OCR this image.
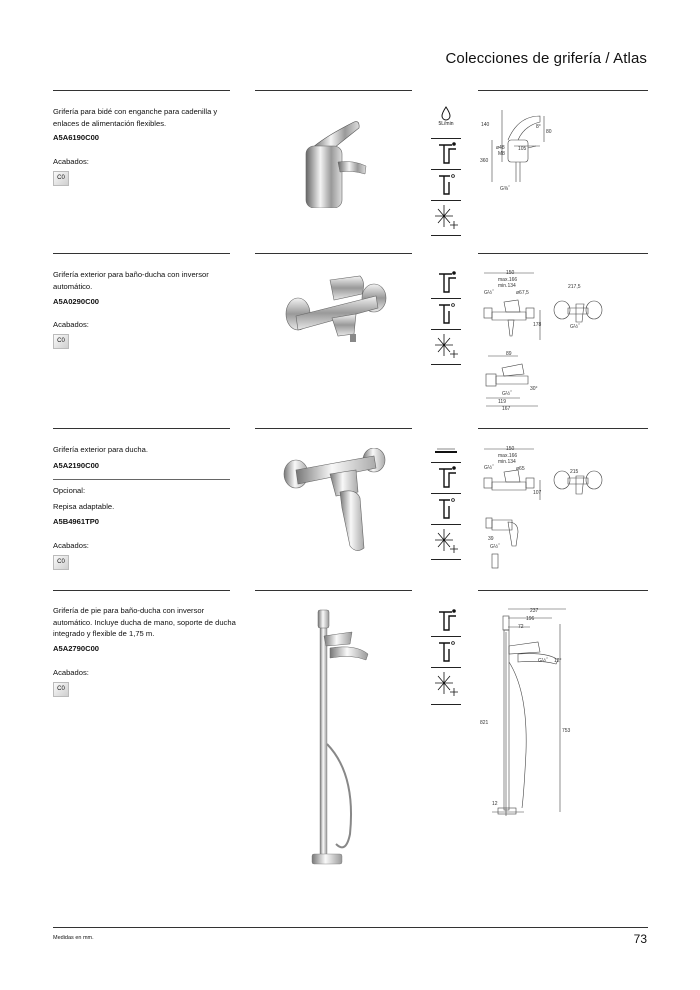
Colecciones de grifería / Atlas
Grifería para bidé con enganche para cadenilla y enlaces de alimentación flexibles.
A5A6190C00
Acabados:
C0
5L/min	140	8°
80
ø48	105
M8
360
G⅜˝
Grifería exterior para baño-ducha con inversor automático.
A5A0290C00
Acabados:
C0
150
max.166
min.134
G½˝	ø67,5
178
217,5
G½˝
89
G½˝
30°
119
167
Grifería exterior para ducha.
A5A2190C00
Opcional:
Repisa adaptable.
A5B4961TP0
Acabados:
C0
150
max.166
min.134
G½˝	ø65
107
215
39
G½˝
Grifería de pie para baño-ducha con inversor automático. Incluye ducha de mano, soporte de ducha integrado y flexible de 1,75 m.
A5A2790C00
Acabados:
C0
237
196
72
G½˝ 12°
821
753
12
Medidas en mm.	73
